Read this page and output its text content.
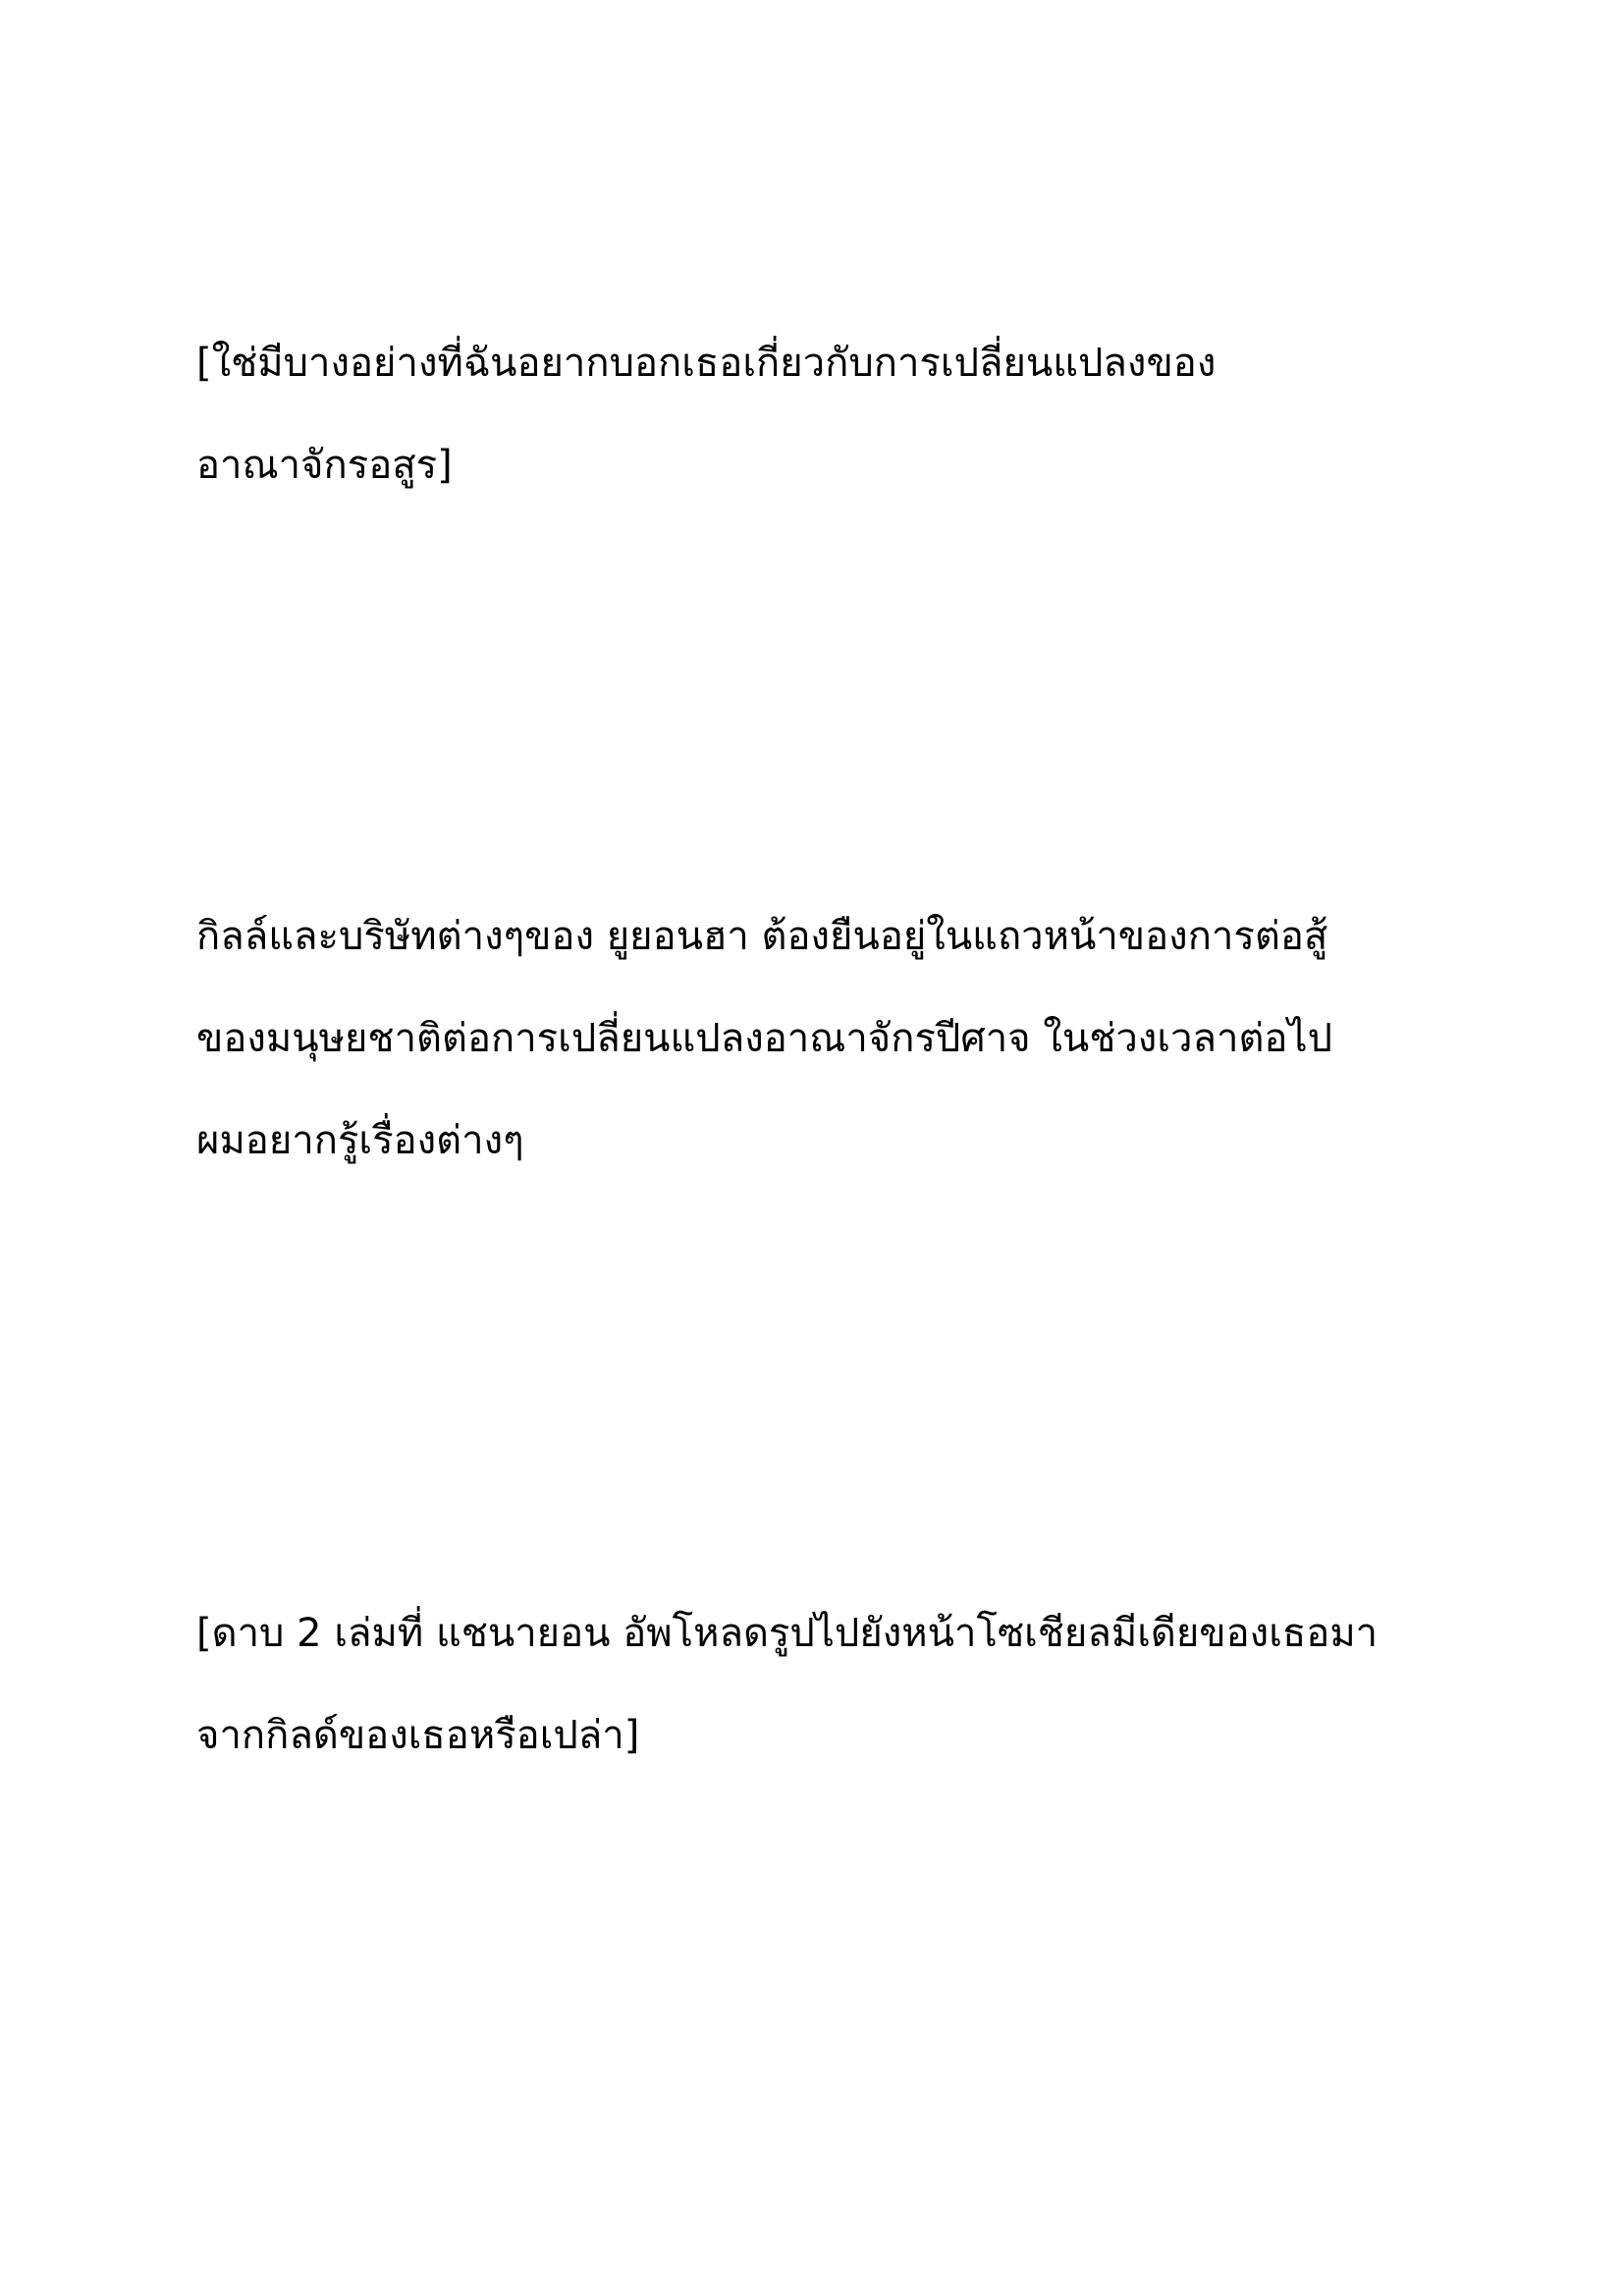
[ใช่มีบางอย่างที่ฉันอยากบอกเธอเกี่ยวกับการเปลี่ยนแปลงของ
อาณาจักรอสูร]
กิลล์และบริษัทต่างๆของ ยูยอนฮา ต้องยืนอยู่ในแถวหน้าของการต่อสู้
ของมนุษยชาติต่อการเปลี่ยนแปลงอาณาจักรปีศาจ ในช่วงเวลาต่อไป
ผมอยากรู้เรื่องต่างๆ
[ดาบ 2 เล่มที่ แชนายอน อัพโหลดรูปไปยังหน้าโซเชียลมีเดียของเธอมา
จากกิลด์ของเธอหรือเปล่า]
